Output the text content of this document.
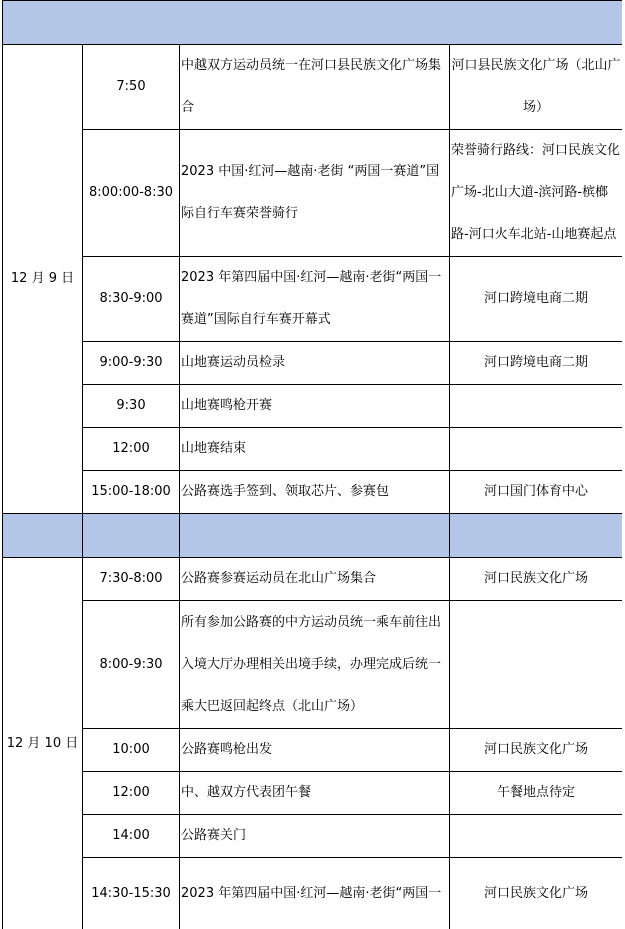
12 月 9 日	7:50	中越双方运动员统一在河口县民族文化广场集合	河口县民族文化广场（北山广场）
	8:00:00-8:30	2023 中国·红河—越南·老街 “两国一赛道”国际自行车赛荣誉骑行	荣誉骑行路线：河口民族文化广场-北山大道-滨河路-槟榔路-河口火车北站-山地赛起点
	8:30-9:00	2023 年第四届中国·红河—越南·老街“两国一赛道”国际自行车赛开幕式	河口跨境电商二期
	9:00-9:30	山地赛运动员检录	河口跨境电商二期
	9:30	山地赛鸣枪开赛	
	12:00	山地赛结束	
	15:00-18:00	公路赛选手签到、领取芯片、参赛包	河口国门体育中心

12 月 10 日	7:30-8:00	公路赛参赛运动员在北山广场集合	河口民族文化广场
	8:00-9:30	所有参加公路赛的中方运动员统一乘车前往出入境大厅办理相关出境手续，办理完成后统一乘大巴返回起终点（北山广场）	
	10:00	公路赛鸣枪出发	河口民族文化广场
	12:00	中、越双方代表团午餐	午餐地点待定
	14:00	公路赛关门	
	14:30-15:30	2023 年第四届中国·红河—越南·老街“两国一	河口民族文化广场
